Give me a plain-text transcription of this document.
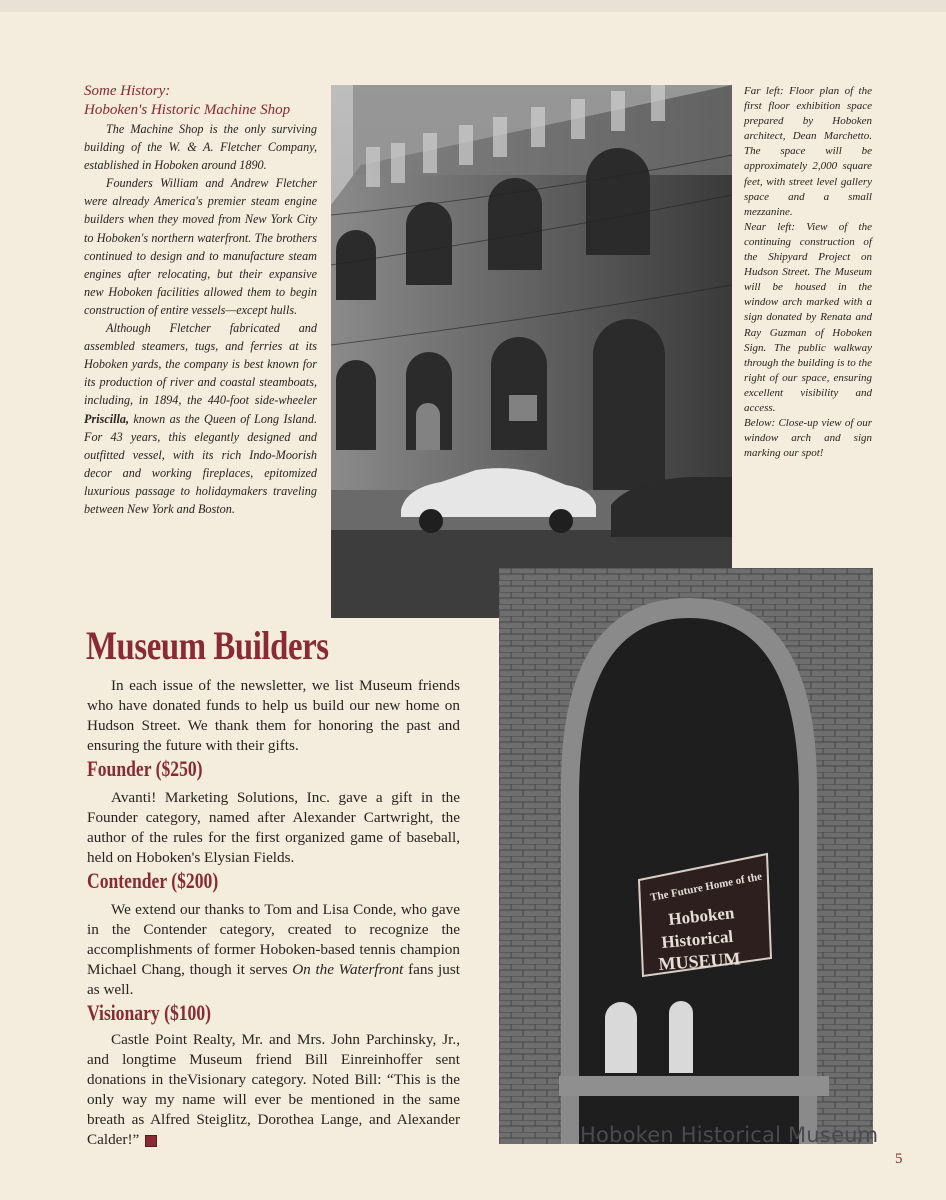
Some History:
Hoboken's Historic Machine Shop

The Machine Shop is the only surviving building of the W. & A. Fletcher Company, established in Hoboken around 1890.

Founders William and Andrew Fletcher were already America's premier steam engine builders when they moved from New York City to Hoboken's northern waterfront. The brothers continued to design and to manufacture steam engines after relocating, but their expansive new Hoboken facilities allowed them to begin construction of entire vessels—except hulls.

Although Fletcher fabricated and assembled steamers, tugs, and ferries at its Hoboken yards, the company is best known for its production of river and coastal steamboats, including, in 1894, the 440-foot side-wheeler Priscilla, known as the Queen of Long Island. For 43 years, this elegantly designed and outfitted vessel, with its rich Indo-Moorish decor and working fireplaces, epitomized luxurious passage to holidaymakers traveling between New York and Boston.

Far left: Floor plan of the first floor exhibition space prepared by Hoboken architect, Dean Marchetto. The space will be approximately 2,000 square feet, with street level gallery space and a small mezzanine.

Near left: View of the continuing construction of the Shipyard Project on Hudson Street. The Museum will be housed in the window arch marked with a sign donated by Renata and Ray Guzman of Hoboken Sign. The public walkway through the building is to the right of our space, ensuring excellent visibility and access.

Below: Close-up view of our window arch and sign marking our spot!

The Future Home of the
Hoboken
Historical
MUSEUM
Museum Builders

In each issue of the newsletter, we list Museum friends who have donated funds to help us build our new home on Hudson Street. We thank them for honoring the past and ensuring the future with their gifts.

Founder ($250)

Avanti! Marketing Solutions, Inc. gave a gift in the Founder category, named after Alexander Cartwright, the author of the rules for the first organized game of baseball, held on Hoboken's Elysian Fields.

Contender ($200)

We extend our thanks to Tom and Lisa Conde, who gave in the Contender category, created to recognize the accomplishments of former Hoboken-based tennis champion Michael Chang, though it serves On the Waterfront fans just as well.

Visionary ($100)

Castle Point Realty, Mr. and Mrs. John Parchinsky, Jr., and longtime Museum friend Bill Einreinhoffer sent donations in theVisionary category. Noted Bill: “This is the only way my name will ever be mentioned in the same breath as Alfred Steiglitz, Dorothea Lange, and Alexander Calder!”	Hoboken Historical Museum
5
